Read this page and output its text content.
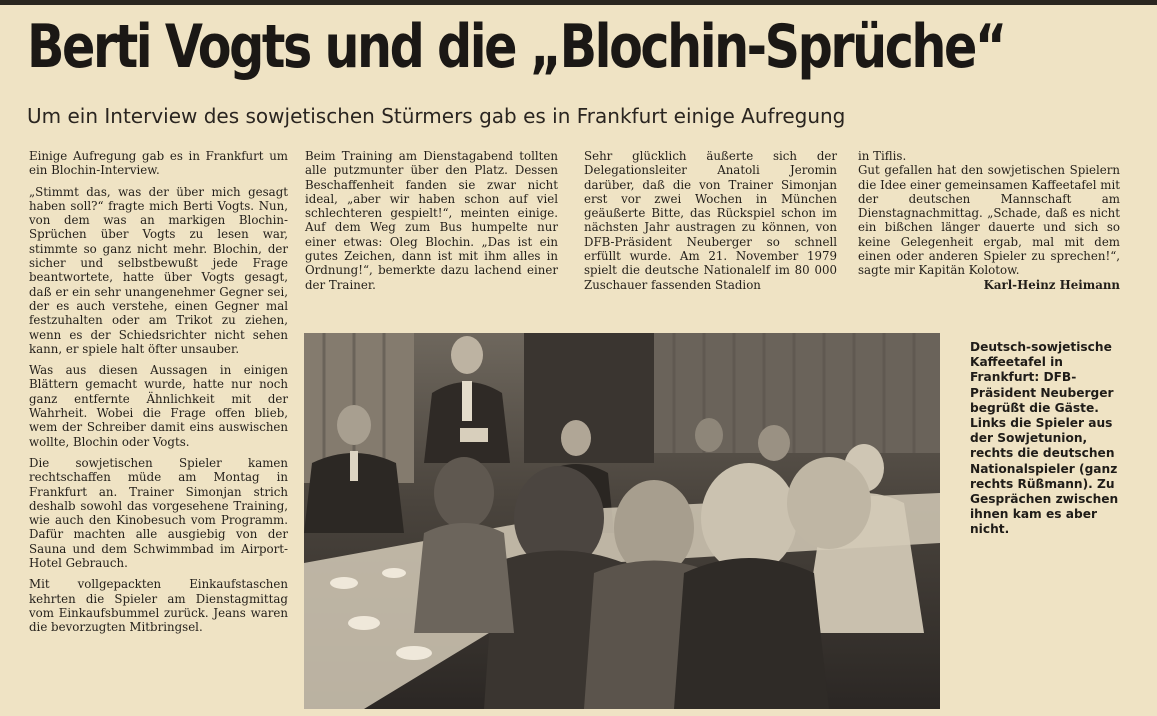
Berti Vogts und die „Blochin-Sprüche“
Um ein Interview des sowjetischen Stürmers gab es in Frankfurt einige Aufregung

Einige Aufregung gab es in Frankfurt um ein Blochin-Interview.

„Stimmt das, was der über mich gesagt haben soll?“ fragte mich Berti Vogts. Nun, von dem was an markigen Blochin-Sprüchen über Vogts zu lesen war, stimmte so ganz nicht mehr. Blochin, der sicher und selbstbewußt jede Frage beantwortete, hatte über Vogts gesagt, daß er ein sehr unangenehmer Gegner sei, der es auch verstehe, einen Gegner mal festzuhalten oder am Trikot zu ziehen, wenn es der Schiedsrichter nicht sehen kann, er spiele halt öfter unsauber.

Was aus diesen Aussagen in einigen Blättern gemacht wurde, hatte nur noch ganz entfernte Ähnlichkeit mit der Wahrheit. Wobei die Frage offen blieb, wem der Schreiber damit eins auswischen wollte, Blochin oder Vogts.

Die sowjetischen Spieler kamen rechtschaffen müde am Montag in Frankfurt an. Trainer Simonjan strich deshalb sowohl das vorgesehene Training, wie auch den Kinobesuch vom Programm. Dafür machten alle ausgiebig von der Sauna und dem Schwimmbad im Airport-Hotel Gebrauch.

Mit vollgepackten Einkaufstaschen kehrten die Spieler am Dienstagmittag vom Einkaufsbummel zurück. Jeans waren die bevorzugten Mitbringsel.

Beim Training am Dienstagabend tollten alle putzmunter über den Platz. Dessen Beschaffenheit fanden sie zwar nicht ideal, „aber wir haben schon auf viel schlechteren gespielt!“, meinten einige. Auf dem Weg zum Bus humpelte nur einer etwas: Oleg Blochin. „Das ist ein gutes Zeichen, dann ist mit ihm alles in Ordnung!“, bemerkte dazu lachend einer der Trainer.

Sehr glücklich äußerte sich der Delegationsleiter Anatoli Jeromin darüber, daß die von Trainer Simonjan erst vor zwei Wochen in München geäußerte Bitte, das Rückspiel schon im nächsten Jahr austragen zu können, von DFB-Präsident Neuberger so schnell erfüllt wurde. Am 21. November 1979 spielt die deutsche Nationalelf im 80 000 Zuschauer fassenden Stadion

in Tiflis.

Gut gefallen hat den sowjetischen Spielern die Idee einer gemeinsamen Kaffeetafel mit der deutschen Mannschaft am Dienstagnachmittag. „Schade, daß es nicht ein bißchen länger dauerte und sich so keine Gelegenheit ergab, mal mit dem einen oder anderen Spieler zu sprechen!“, sagte mir Kapitän Kolotow.

Karl-Heinz Heimann
Deutsch-sowjetische Kaffeetafel in Frankfurt: DFB-Präsident Neuberger begrüßt die Gäste. Links die Spieler aus der Sowjetunion, rechts die deutschen Nationalspieler (ganz rechts Rüßmann). Zu Gesprächen zwischen ihnen kam es aber nicht.
